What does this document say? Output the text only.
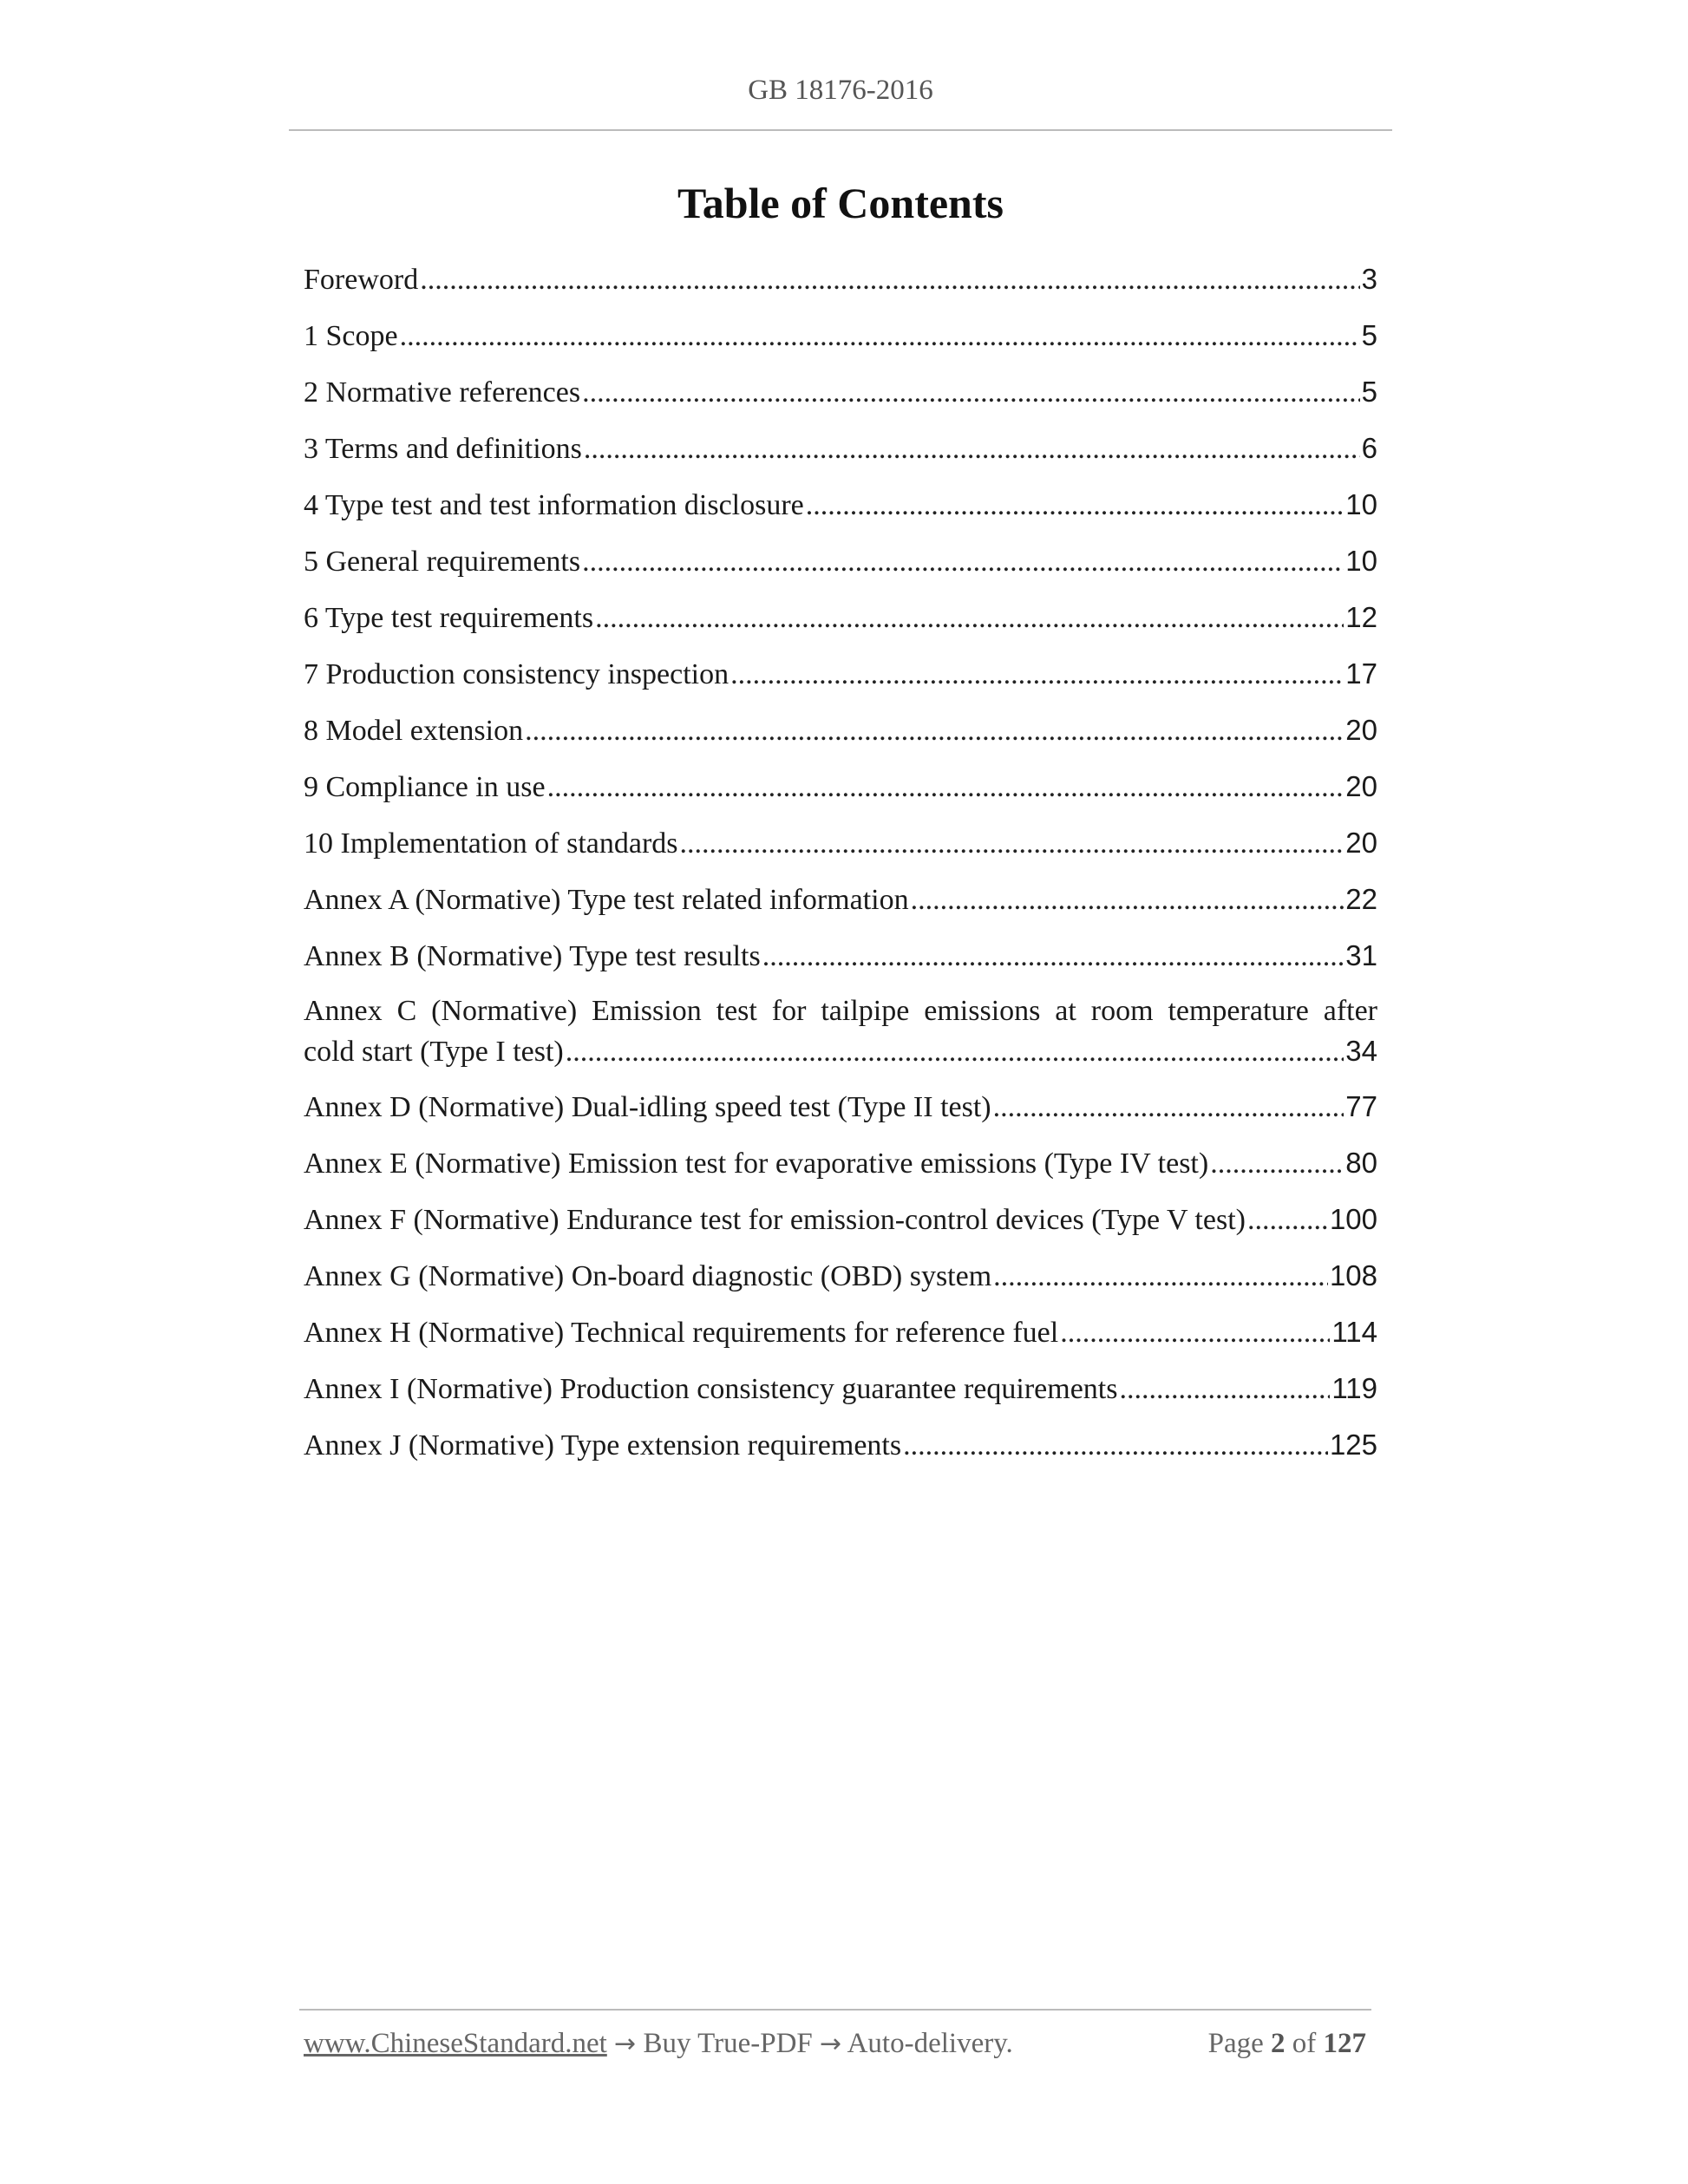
GB 18176-2016
Table of Contents
Foreword .....	3
1 Scope .....	5
2 Normative references .....	5
3 Terms and definitions .....	6
4 Type test and test information disclosure .....	10
5 General requirements .....	10
6 Type test requirements .....	12
7 Production consistency inspection .....	17
8 Model extension .....	20
9 Compliance in use .....	20
10 Implementation of standards .....	20
Annex A (Normative) Type test related information .....	22
Annex B (Normative) Type test results .....	31
Annex C (Normative) Emission test for tailpipe emissions at room temperature after
cold start (Type I test) .....	34
Annex D (Normative) Dual-idling speed test (Type II test) .....	77
Annex E (Normative) Emission test for evaporative emissions (Type IV test) .....	80
Annex F (Normative) Endurance test for emission-control devices (Type V test) .....	100
Annex G (Normative) On-board diagnostic (OBD) system .....	108
Annex H (Normative) Technical requirements for reference fuel .....	114
Annex I (Normative) Production consistency guarantee requirements .....	119
Annex J (Normative) Type extension requirements .....	125
www.ChineseStandard.net → Buy True-PDF → Auto-delivery.	Page 2 of 127
